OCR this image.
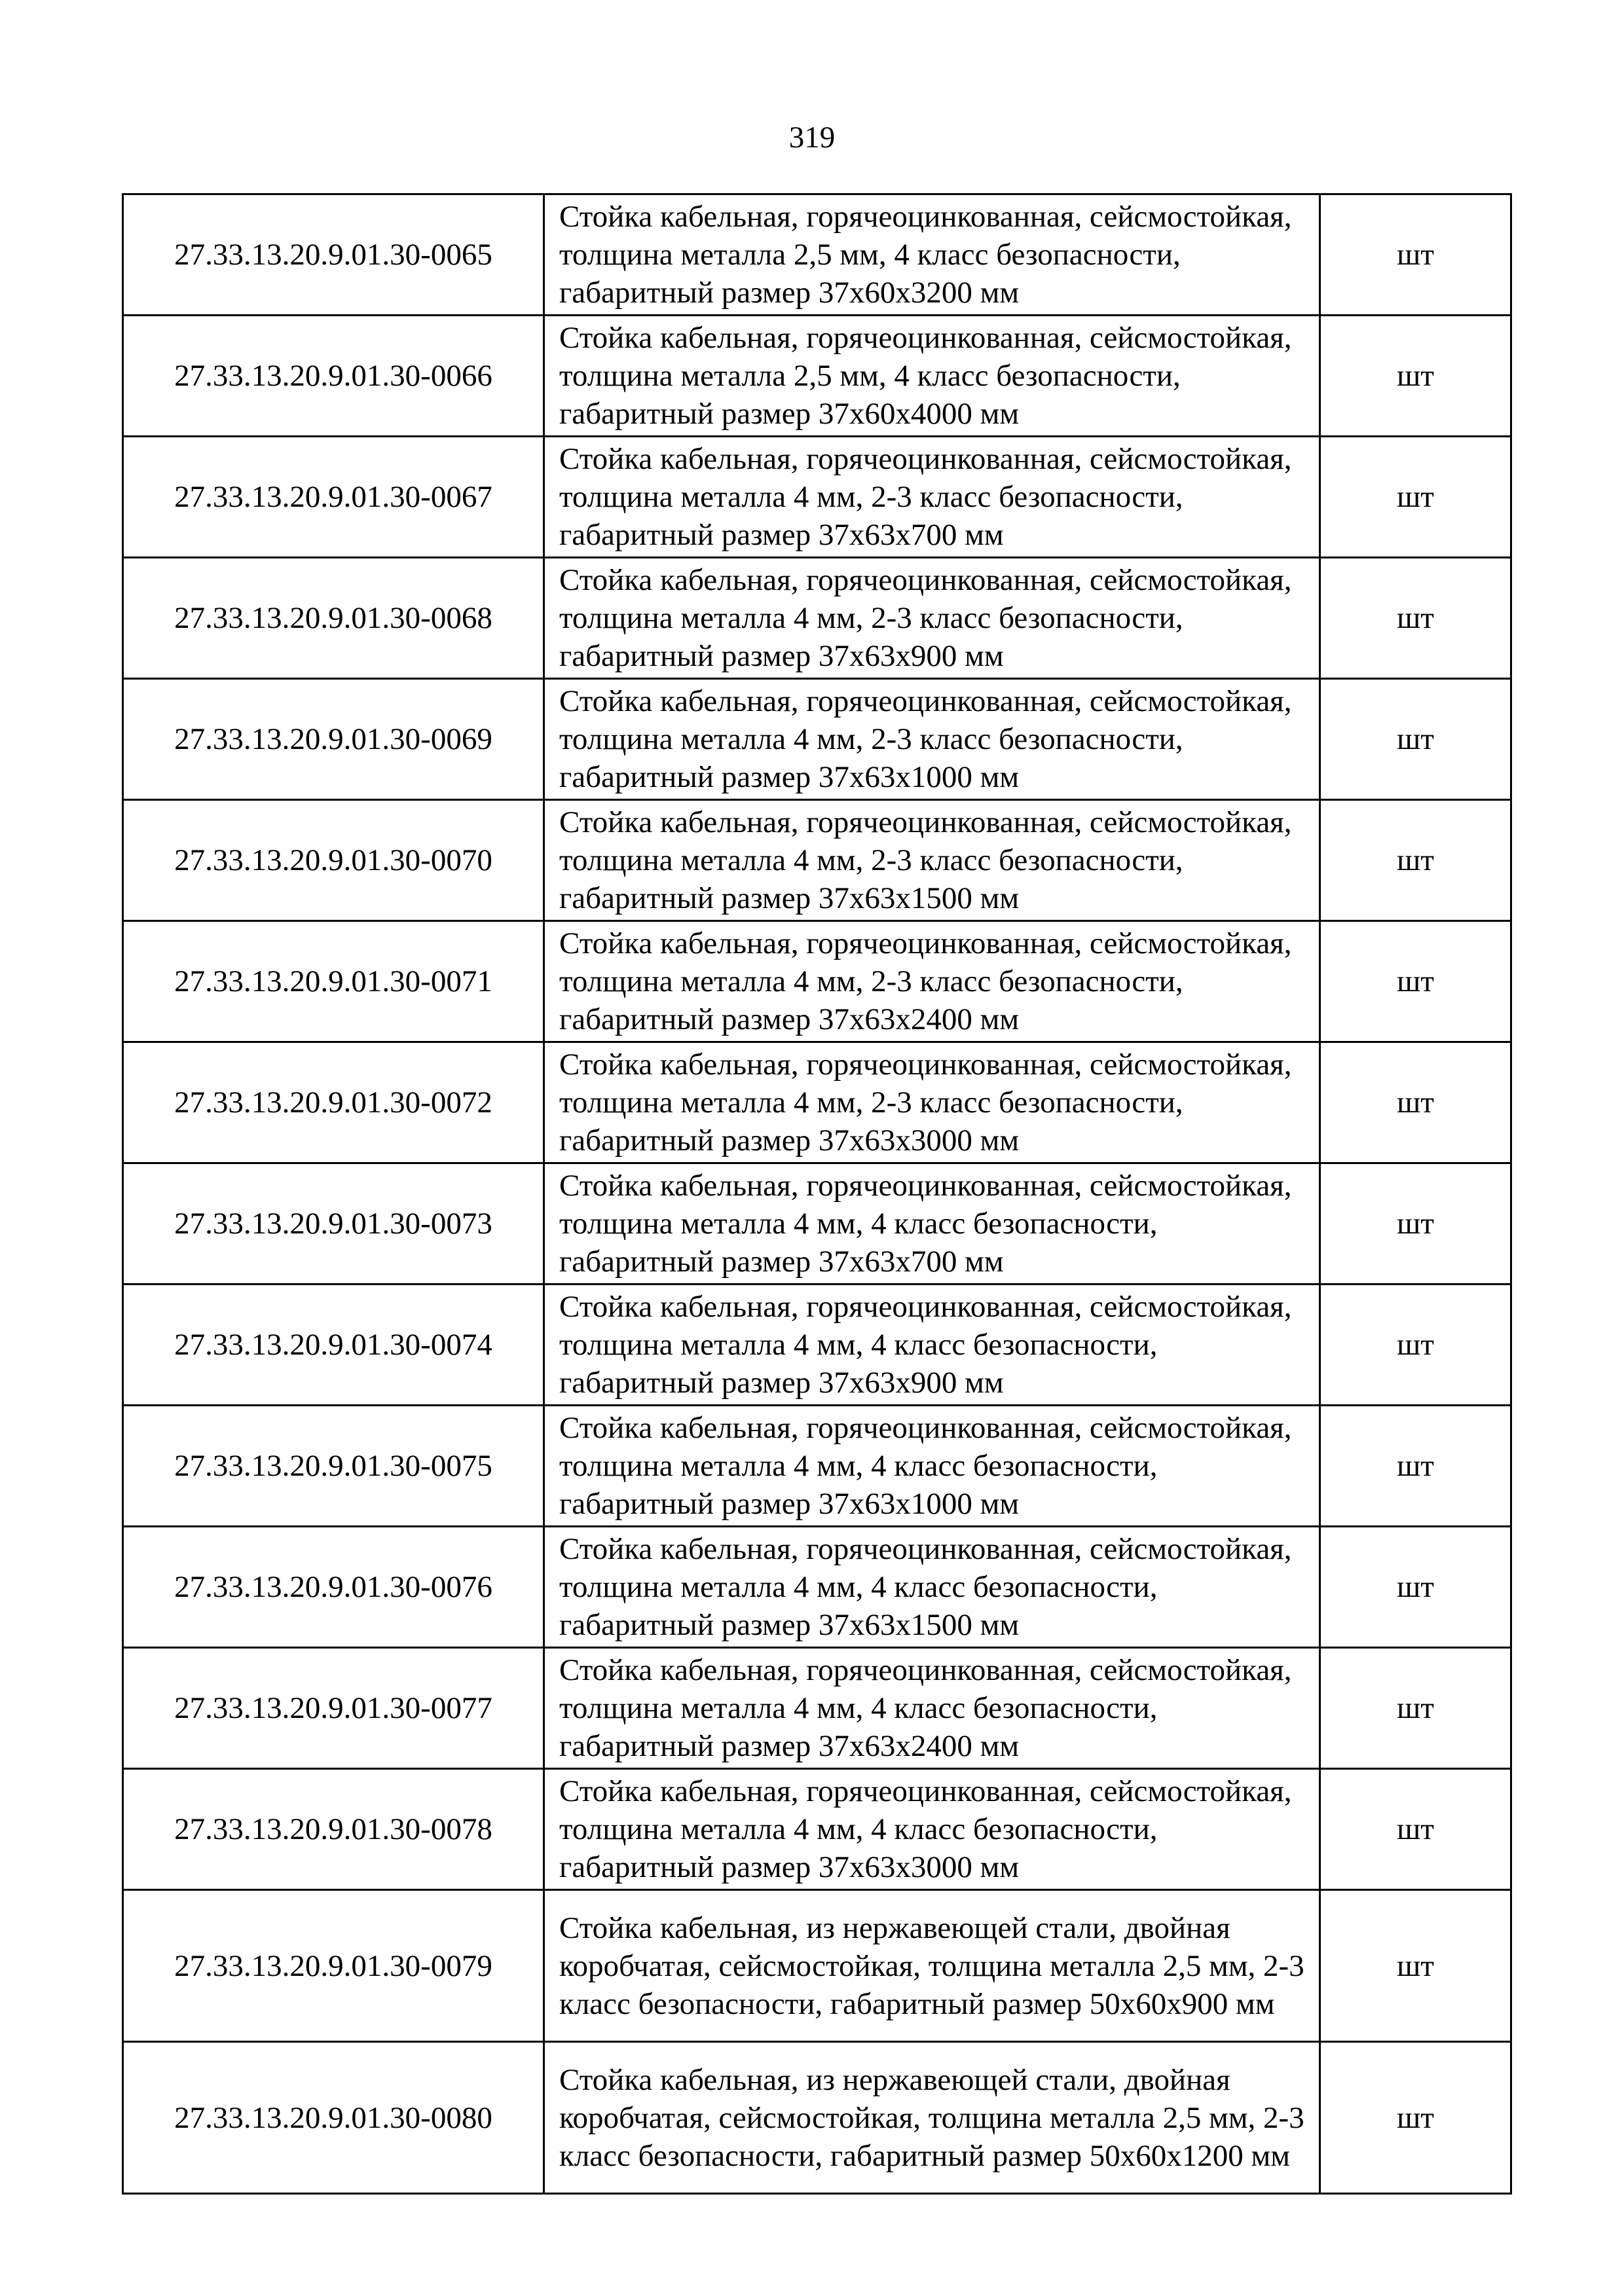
319
27.33.13.20.9.01.30-0065	Стойка кабельная, горячеоцинкованная, сейсмостойкая, толщина металла 2,5 мм, 4 класс безопасности, габаритный размер 37x60x3200 мм	шт
27.33.13.20.9.01.30-0066	Стойка кабельная, горячеоцинкованная, сейсмостойкая, толщина металла 2,5 мм, 4 класс безопасности, габаритный размер 37x60x4000 мм	шт
27.33.13.20.9.01.30-0067	Стойка кабельная, горячеоцинкованная, сейсмостойкая, толщина металла 4 мм, 2-3 класс безопасности, габаритный размер 37x63x700 мм	шт
27.33.13.20.9.01.30-0068	Стойка кабельная, горячеоцинкованная, сейсмостойкая, толщина металла 4 мм, 2-3 класс безопасности, габаритный размер 37x63x900 мм	шт
27.33.13.20.9.01.30-0069	Стойка кабельная, горячеоцинкованная, сейсмостойкая, толщина металла 4 мм, 2-3 класс безопасности, габаритный размер 37x63x1000 мм	шт
27.33.13.20.9.01.30-0070	Стойка кабельная, горячеоцинкованная, сейсмостойкая, толщина металла 4 мм, 2-3 класс безопасности, габаритный размер 37x63x1500 мм	шт
27.33.13.20.9.01.30-0071	Стойка кабельная, горячеоцинкованная, сейсмостойкая, толщина металла 4 мм, 2-3 класс безопасности, габаритный размер 37x63x2400 мм	шт
27.33.13.20.9.01.30-0072	Стойка кабельная, горячеоцинкованная, сейсмостойкая, толщина металла 4 мм, 2-3 класс безопасности, габаритный размер 37x63x3000 мм	шт
27.33.13.20.9.01.30-0073	Стойка кабельная, горячеоцинкованная, сейсмостойкая, толщина металла 4 мм, 4 класс безопасности, габаритный размер 37x63x700 мм	шт
27.33.13.20.9.01.30-0074	Стойка кабельная, горячеоцинкованная, сейсмостойкая, толщина металла 4 мм, 4 класс безопасности, габаритный размер 37x63x900 мм	шт
27.33.13.20.9.01.30-0075	Стойка кабельная, горячеоцинкованная, сейсмостойкая, толщина металла 4 мм, 4 класс безопасности, габаритный размер 37x63x1000 мм	шт
27.33.13.20.9.01.30-0076	Стойка кабельная, горячеоцинкованная, сейсмостойкая, толщина металла 4 мм, 4 класс безопасности, габаритный размер 37x63x1500 мм	шт
27.33.13.20.9.01.30-0077	Стойка кабельная, горячеоцинкованная, сейсмостойкая, толщина металла 4 мм, 4 класс безопасности, габаритный размер 37x63x2400 мм	шт
27.33.13.20.9.01.30-0078	Стойка кабельная, горячеоцинкованная, сейсмостойкая, толщина металла 4 мм, 4 класс безопасности, габаритный размер 37x63x3000 мм	шт
27.33.13.20.9.01.30-0079	Стойка кабельная, из нержавеющей стали, двойная коробчатая, сейсмостойкая, толщина металла 2,5 мм, 2-3 класс безопасности, габаритный размер 50x60x900 мм	шт
27.33.13.20.9.01.30-0080	Стойка кабельная, из нержавеющей стали, двойная коробчатая, сейсмостойкая, толщина металла 2,5 мм, 2-3 класс безопасности, габаритный размер 50x60x1200 мм	шт
